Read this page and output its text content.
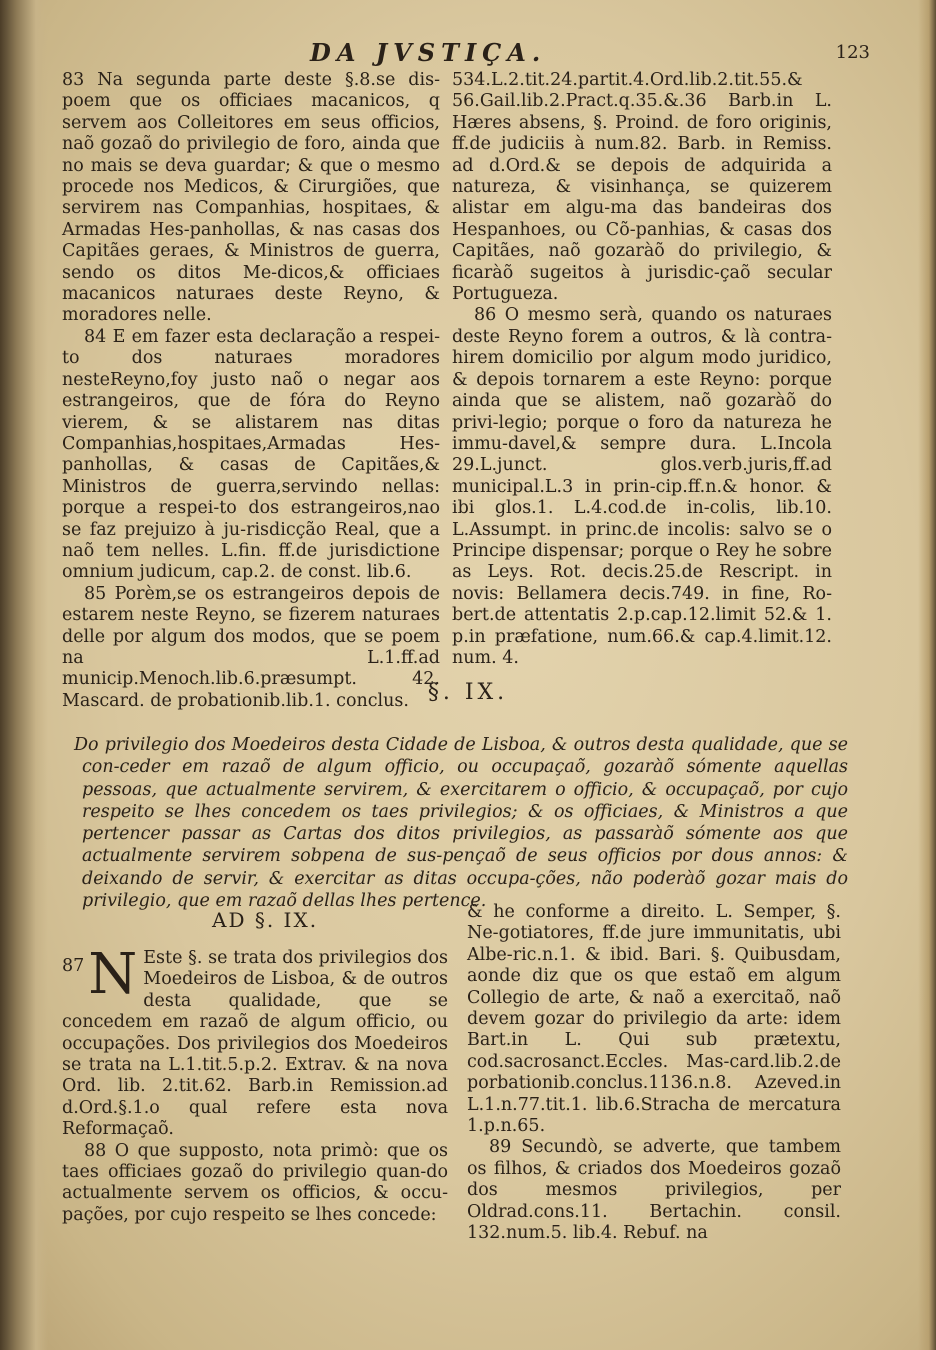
DA JVSTIÇA.	123

83 Na segunda parte deste §.8.se dis-poem que os officiaes macanicos, q servem aos Colleitores em seus officios, naõ gozaõ do privilegio de foro, ainda que no mais se deva guardar; & que o mesmo procede nos Medicos, & Cirurgiões, que servirem nas Companhias, hospitaes, & Armadas Hes-panhollas, & nas casas dos Capitães geraes, & Ministros de guerra, sendo os ditos Me-dicos,& officiaes macanicos naturaes deste Reyno, & moradores nelle.

84 E em fazer esta declaração a respei-to dos naturaes moradores nesteReyno,foy justo naõ o negar aos estrangeiros, que de fóra do Reyno vierem, & se alistarem nas ditas Companhias,hospitaes,Armadas Hes-panhollas, & casas de Capitães,& Ministros de guerra,servindo nellas: porque a respei-to dos estrangeiros,nao se faz prejuizo à ju-risdicção Real, que a naõ tem nelles. L.fin. ff.de jurisdictione omnium judicum, cap.2. de const. lib.6.

85 Porèm,se os estrangeiros depois de estarem neste Reyno, se fizerem naturaes delle por algum dos modos, que se poem na L.1.ff.ad municip.Menoch.lib.6.præsumpt. 42. Mascard. de probationib.lib.1. conclus.

534.L.2.tit.24.partit.4.Ord.lib.2.tit.55.& 56.Gail.lib.2.Pract.q.35.&.36 Barb.in L. Hæres absens, §. Proind. de foro originis, ff.de judiciis à num.82. Barb. in Remiss. ad d.Ord.& se depois de adquirida a natureza, & visinhança, se quizerem alistar em algu-ma das bandeiras dos Hespanhoes, ou Cõ-panhias, & casas dos Capitães, naõ gozaràõ do privilegio, & ficaràõ sugeitos à jurisdic-çaõ secular Portugueza.

86 O mesmo serà, quando os naturaes deste Reyno forem a outros, & là contra-hirem domicilio por algum modo juridico, & depois tornarem a este Reyno: porque ainda que se alistem, naõ gozaràõ do privi-legio; porque o foro da natureza he immu-davel,& sempre dura. L.Incola 29.L.junct. glos.verb.juris,ff.ad municipal.L.3 in prin-cip.ff.n.& honor. & ibi glos.1. L.4.cod.de in-colis, lib.10. L.Assumpt. in princ.de incolis: salvo se o Principe dispensar; porque o Rey he sobre as Leys. Rot. decis.25.de Rescript. in novis: Bellamera decis.749. in fine, Ro-bert.de attentatis 2.p.cap.12.limit 52.& 1. p.in præfatione, num.66.& cap.4.limit.12. num. 4.

§. IX.
Do privilegio dos Moedeiros desta Cidade de Lisboa, & outros desta qualidade, que se con-ceder em razaõ de algum officio, ou occupaçaõ, gozaràõ sómente aquellas pessoas, que actualmente servirem, & exercitarem o officio, & occupaçaõ, por cujo respeito se lhes concedem os taes privilegios; & os officiaes, & Ministros a que pertencer passar as Cartas dos ditos privilegios, as passaràõ sómente aos que actualmente servirem sobpena de sus-pençaõ de seus officios por dous annos: & deixando de servir, & exercitar as ditas occupa-ções, não poderàõ gozar mais do privilegio, que em razaõ dellas lhes pertence.
AD §. IX.

87 N Este §. se trata dos privilegios dos Moedeiros de Lisboa, & de outros desta qualidade, que se concedem em razaõ de algum officio, ou occupações. Dos privilegios dos Moedeiros se trata na L.1.tit.5.p.2. Extrav. & na nova Ord. lib. 2.tit.62. Barb.in Remission.ad d.Ord.§.1.o qual refere esta nova Reformaçaõ.

88 O que supposto, nota primò: que os taes officiaes gozaõ do privilegio quan-do actualmente servem os officios, & occu-pações, por cujo respeito se lhes concede:

& he conforme a direito. L. Semper, §. Ne-gotiatores, ff.de jure immunitatis, ubi Albe-ric.n.1. & ibid. Bari. §. Quibusdam, aonde diz que os que estaõ em algum Collegio de arte, & naõ a exercitaõ, naõ devem gozar do privilegio da arte: idem Bart.in L. Qui sub prætextu, cod.sacrosanct.Eccles. Mas-card.lib.2.de porbationib.conclus.1136.n.8. Azeved.in L.1.n.77.tit.1. lib.6.Stracha de mercatura 1.p.n.65.

89 Secundò, se adverte, que tambem os filhos, & criados dos Moedeiros gozaõ dos mesmos privilegios, per Oldrad.cons.11. Bertachin. consil. 132.num.5. lib.4. Rebuf. na
